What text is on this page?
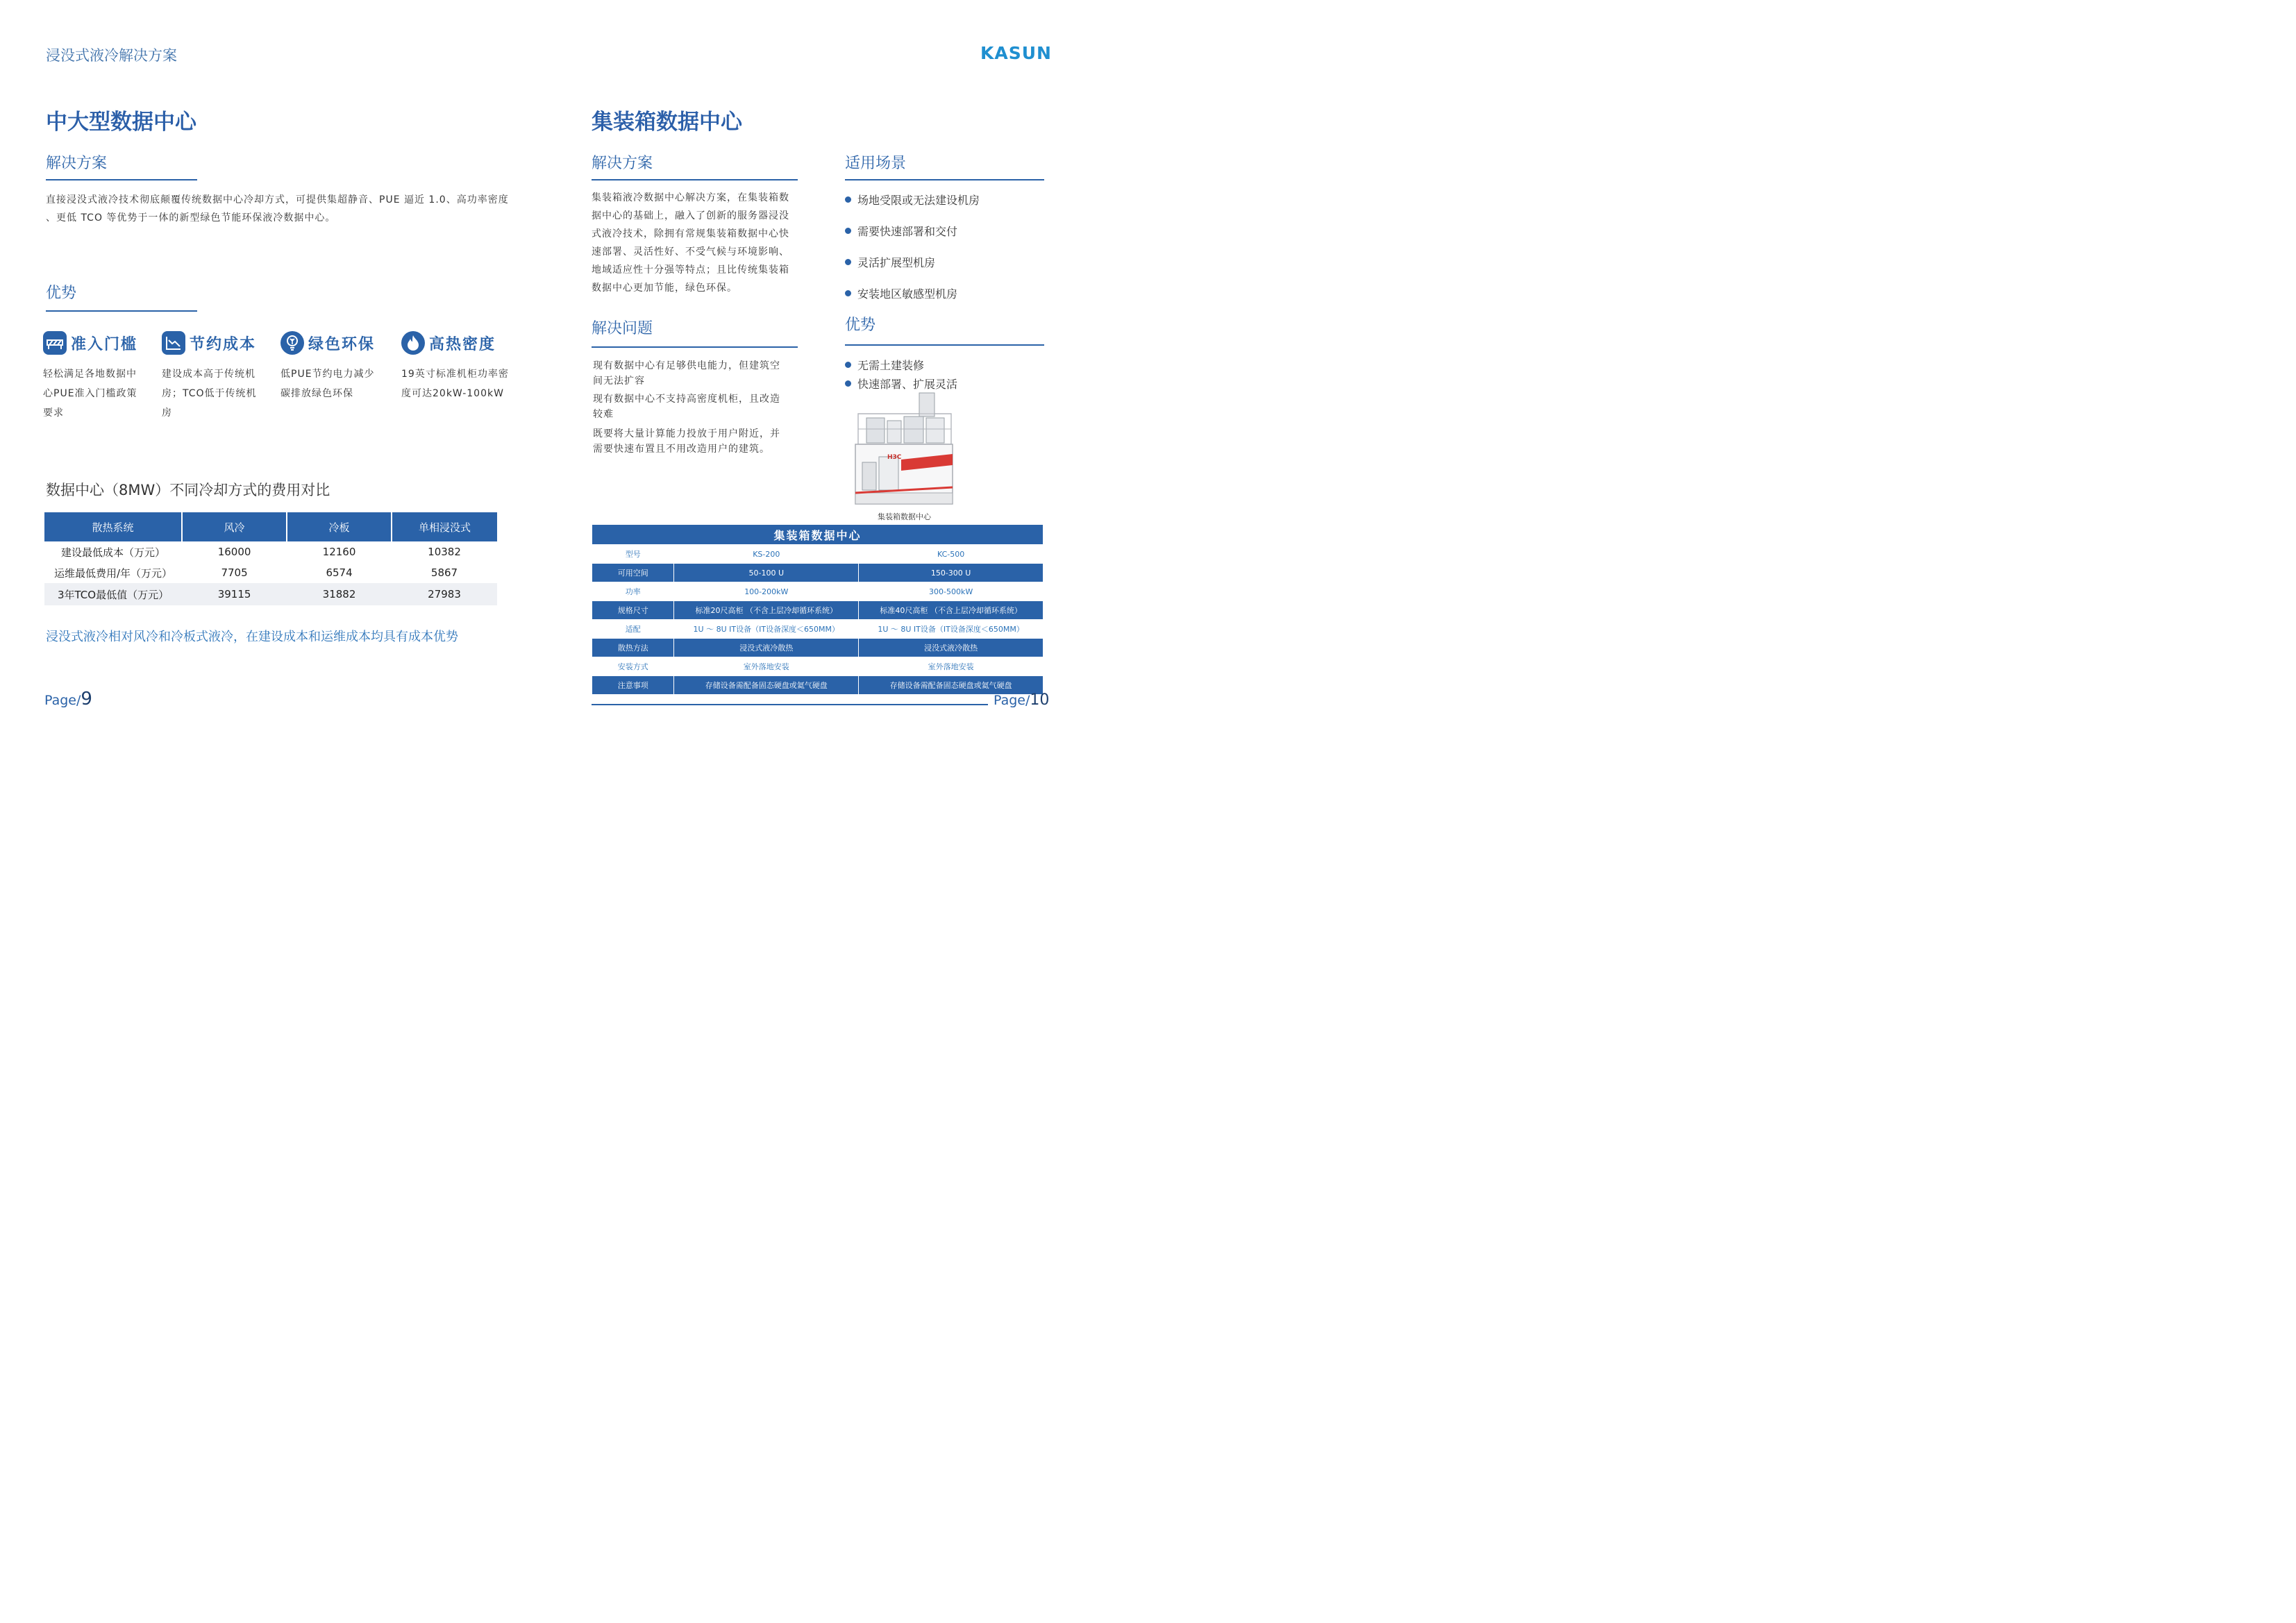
浸没式液冷解决方案	KASUN
中大型数据中心
解决方案
直接浸没式液冷技术彻底颠覆传统数据中心冷却方式，可提供集超静音、PUE 逼近 1.0、高功率密度
、更低 TCO 等优势于一体的新型绿色节能环保液冷数据中心。
优势
准入门槛
轻松满足各地数据中
心PUE准入门槛政策
要求
节约成本
建设成本高于传统机
房；TCO低于传统机
房
绿色环保
低PUE节约电力减少
碳排放绿色环保
高热密度
19英寸标准机柜功率密
度可达20kW-100kW
数据中心（8MW）不同冷却方式的费用对比
散热系统	风冷	冷板	单相浸没式
建设最低成本（万元）	16000	12160	10382
运维最低费用/年（万元）	7705	6574	5867
3年TCO最低值（万元）	39115	31882	27983
浸没式液冷相对风冷和冷板式液冷，在建设成本和运维成本均具有成本优势
Page/9
集装箱数据中心
解决方案
集装箱液冷数据中心解决方案，在集装箱数
据中心的基础上，融入了创新的服务器浸没
式液冷技术，除拥有常规集装箱数据中心快
速部署、灵活性好、不受气候与环境影响、
地域适应性十分强等特点；且比传统集装箱
数据中心更加节能，绿色环保。
解决问题
现有数据中心有足够供电能力，但建筑空
间无法扩容
现有数据中心不支持高密度机柜，且改造
较难
既要将大量计算能力投放于用户附近，并
需要快速布置且不用改造用户的建筑。
适用场景
场地受限或无法建设机房
需要快速部署和交付
灵活扩展型机房
安装地区敏感型机房
优势
无需土建装修
快速部署、扩展灵活
H3C
集装箱数据中心
集装箱数据中心		
型号	KS-200	KC-500
可用空间	50-100 U	150-300 U
功率	100-200kW	300-500kW
规格尺寸	标准20尺高柜 （不含上层冷却循环系统）	标准40尺高柜 （不含上层冷却循环系统）
适配	1U ～ 8U IT设备（IT设备深度＜650MM）	1U ～ 8U IT设备（IT设备深度＜650MM）
散热方法	浸没式液冷散热	浸没式液冷散热
安装方式	室外落地安装	室外落地安装
注意事项	存储设备需配备固态硬盘或氦气硬盘	存储设备需配备固态硬盘或氦气硬盘
Page/10
